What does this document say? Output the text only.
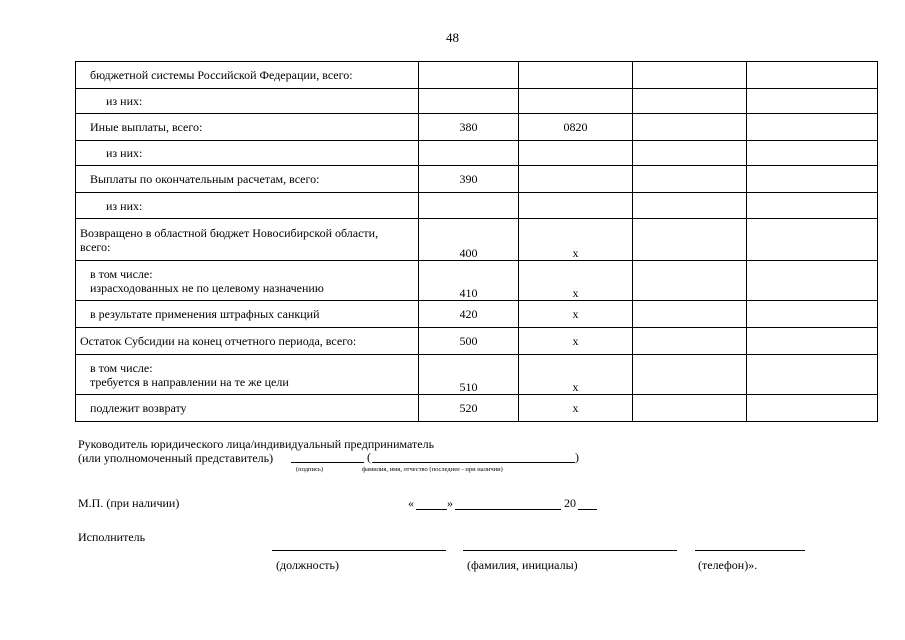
48
бюджетной системы Российской Федерации, всего:				

из них:				

Иные выплаты, всего:	380	0820		

из них:				

Выплаты по окончательным расчетам, всего:	390			

из них:				

Возвращено в областной бюджет Новосибирской области,
всего:	400	x		

в том числе:
израсходованных не по целевому назначению	410	x		

в результате применения штрафных санкций	420	x		

Остаток Субсидии на конец отчетного периода, всего:	500	x		

в том числе:
требуется в направлении на те же цели	510	x		

подлежит возврату	520	x		
Руководитель юридического лица/индивидуальный предприниматель
(или уполномоченный представитель)	(	)
(подпись)	фамилия, имя, отчество (последнее - при наличии)
М.П. (при наличии)	«	»	20
Исполнитель
(должность)	(фамилия, инициалы)	(телефон)».
